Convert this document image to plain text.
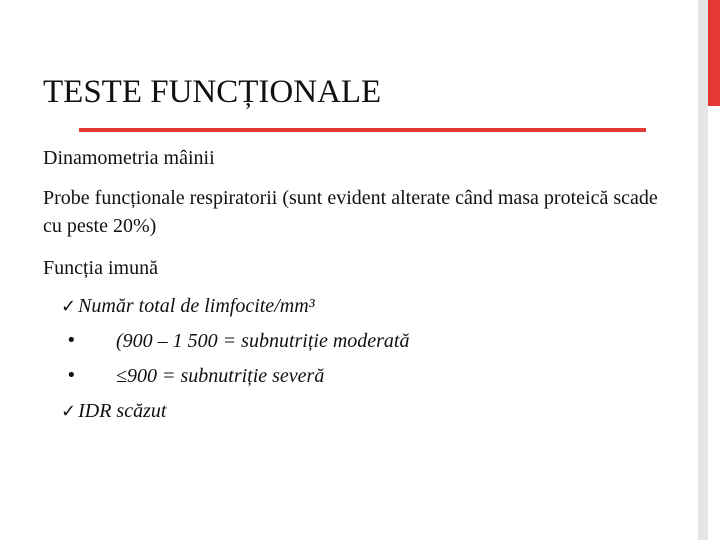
TESTE FUNCȚIONALE

Dinamometria mâinii

Probe funcționale respiratorii (sunt evident alterate când masa proteică scade cu peste 20%)

Funcția imună

✓ Număr total de limfocite/mm³
• (900 – 1 500 = subnutriție moderată
• ≤900 = subnutriție severă
✓ IDR scăzut
